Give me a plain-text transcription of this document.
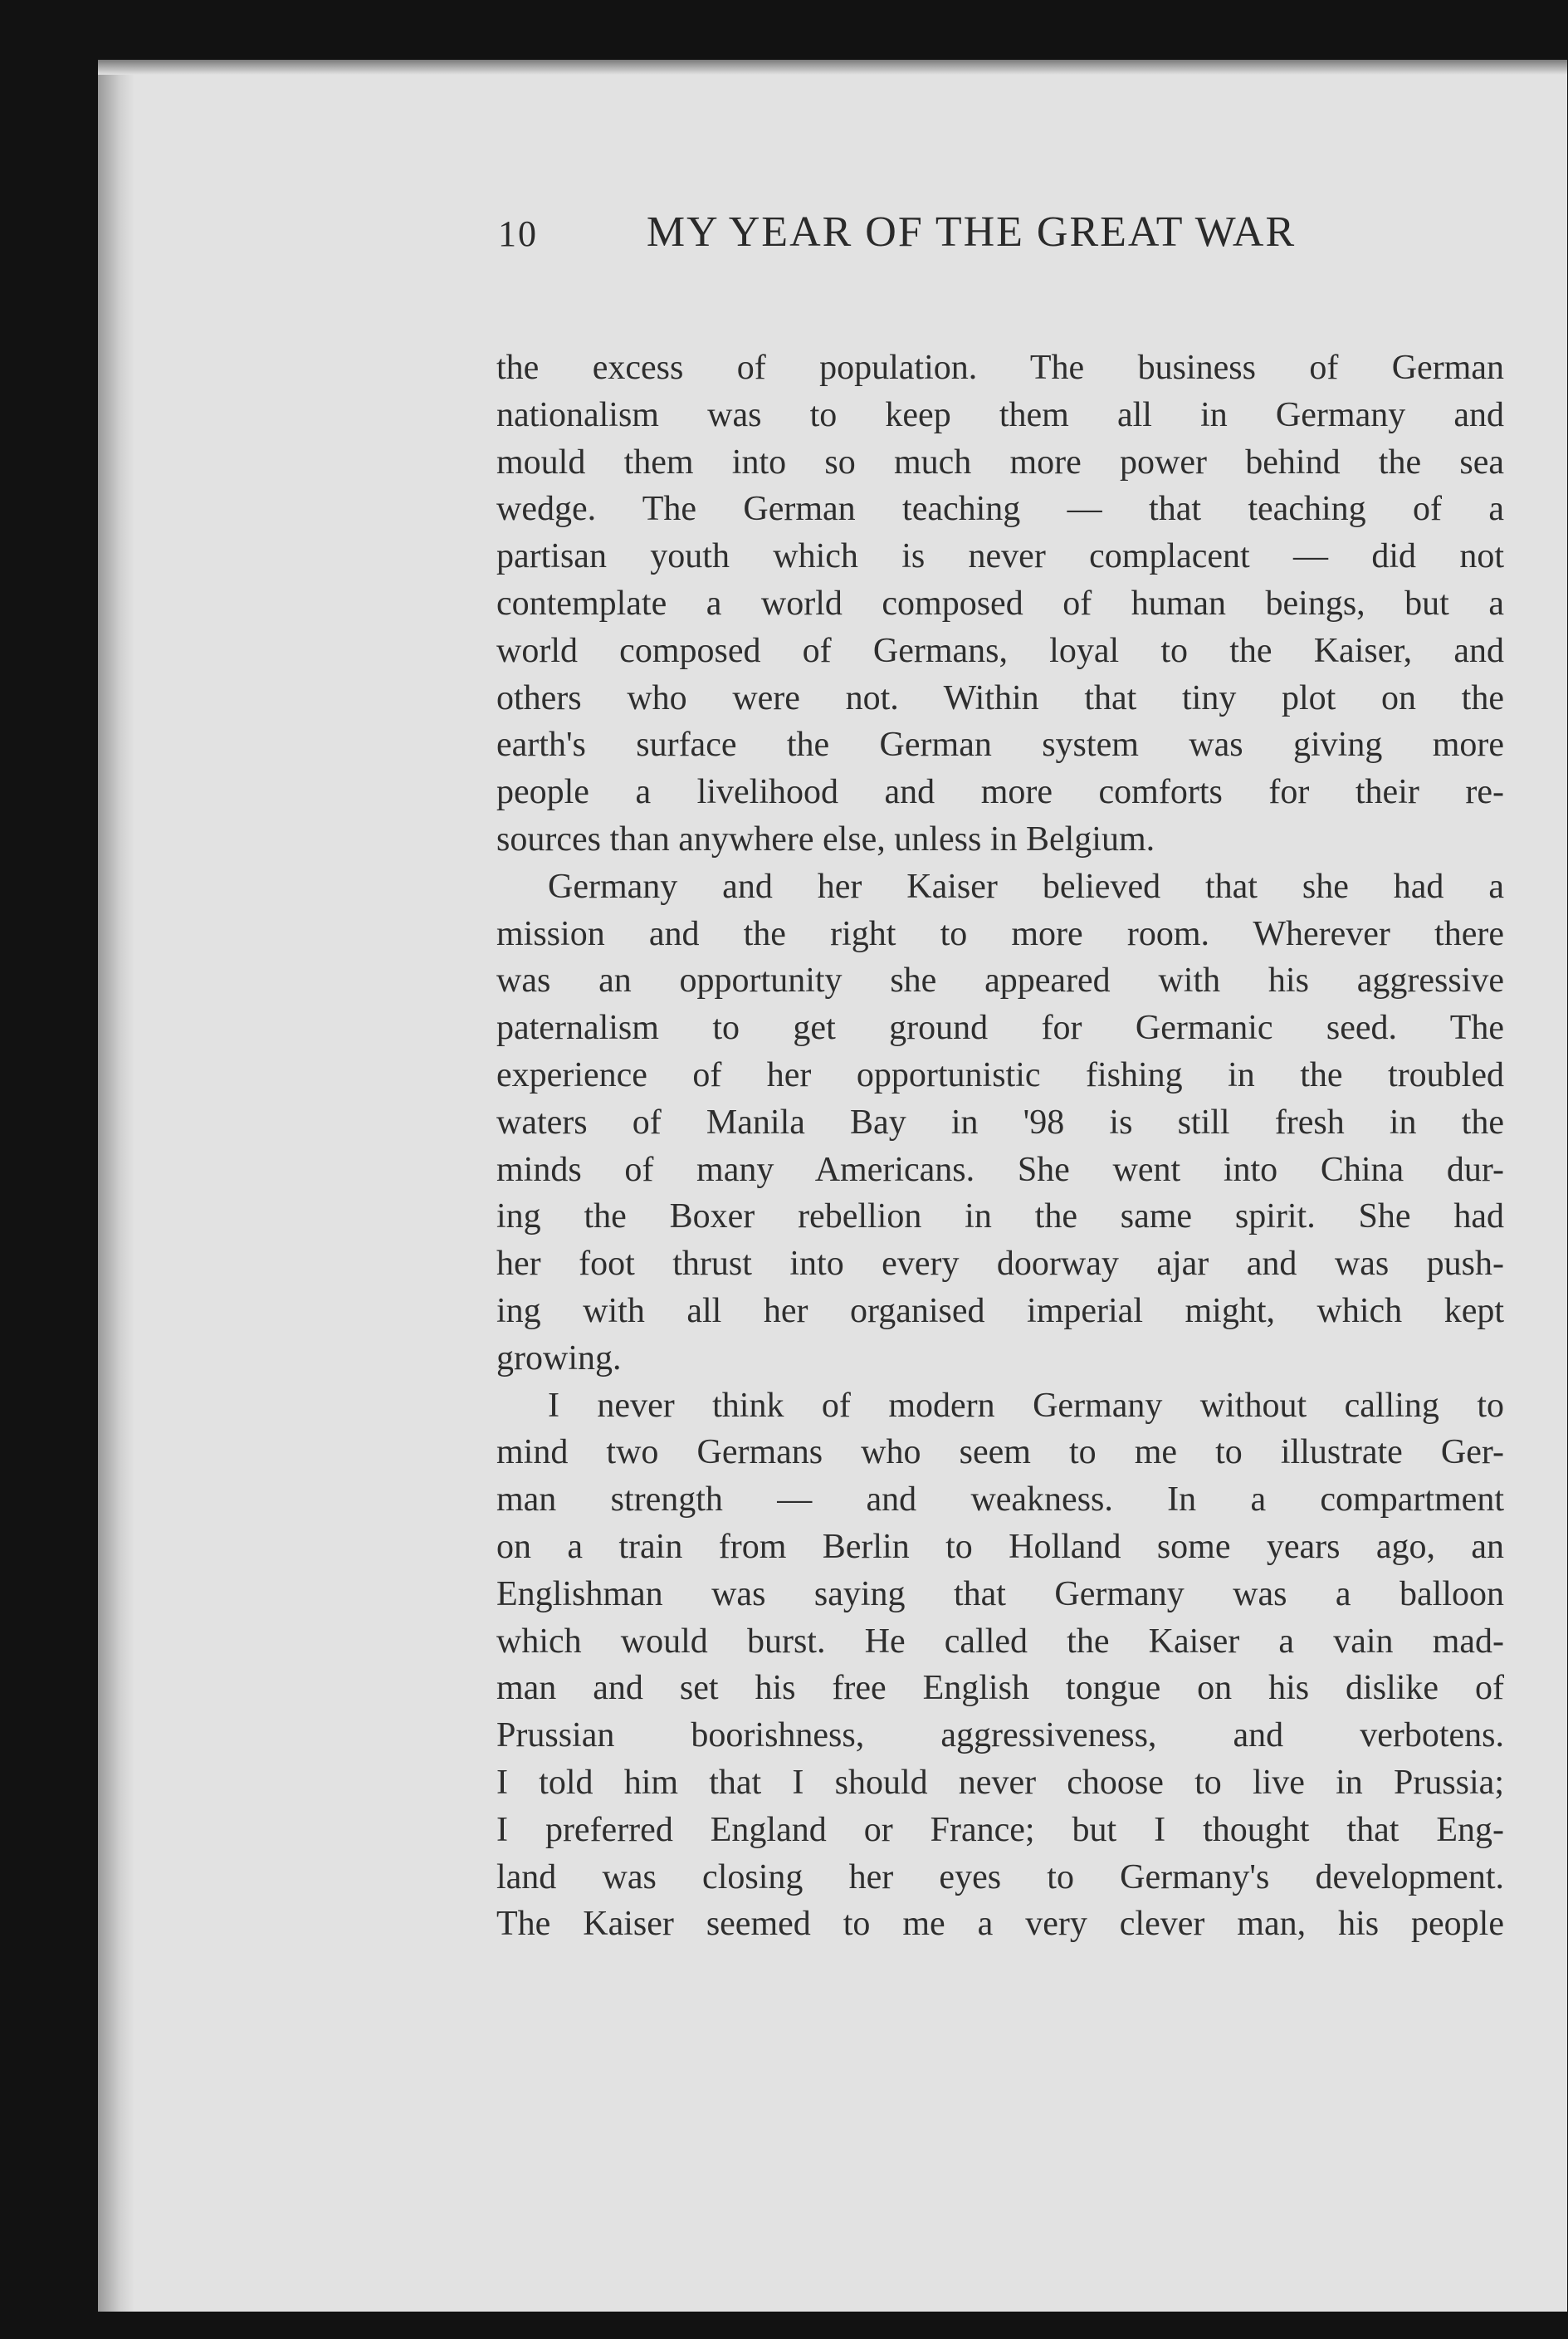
10	MY YEAR OF THE GREAT WAR
the excess of population. The business of German
nationalism was to keep them all in Germany and
mould them into so much more power behind the sea
wedge. The German teaching — that teaching of a
partisan youth which is never complacent — did not
contemplate a world composed of human beings, but a
world composed of Germans, loyal to the Kaiser, and
others who were not. Within that tiny plot on the
earth's surface the German system was giving more
people a livelihood and more comforts for their re-
sources than anywhere else, unless in Belgium.
Germany and her Kaiser believed that she had a
mission and the right to more room. Wherever there
was an opportunity she appeared with his aggressive
paternalism to get ground for Germanic seed. The
experience of her opportunistic fishing in the troubled
waters of Manila Bay in '98 is still fresh in the
minds of many Americans. She went into China dur-
ing the Boxer rebellion in the same spirit. She had
her foot thrust into every doorway ajar and was push-
ing with all her organised imperial might, which kept
growing.
I never think of modern Germany without calling to
mind two Germans who seem to me to illustrate Ger-
man strength — and weakness. In a compartment
on a train from Berlin to Holland some years ago, an
Englishman was saying that Germany was a balloon
which would burst. He called the Kaiser a vain mad-
man and set his free English tongue on his dislike of
Prussian boorishness, aggressiveness, and verbotens.
I told him that I should never choose to live in Prussia;
I preferred England or France; but I thought that Eng-
land was closing her eyes to Germany's development.
The Kaiser seemed to me a very clever man, his people
